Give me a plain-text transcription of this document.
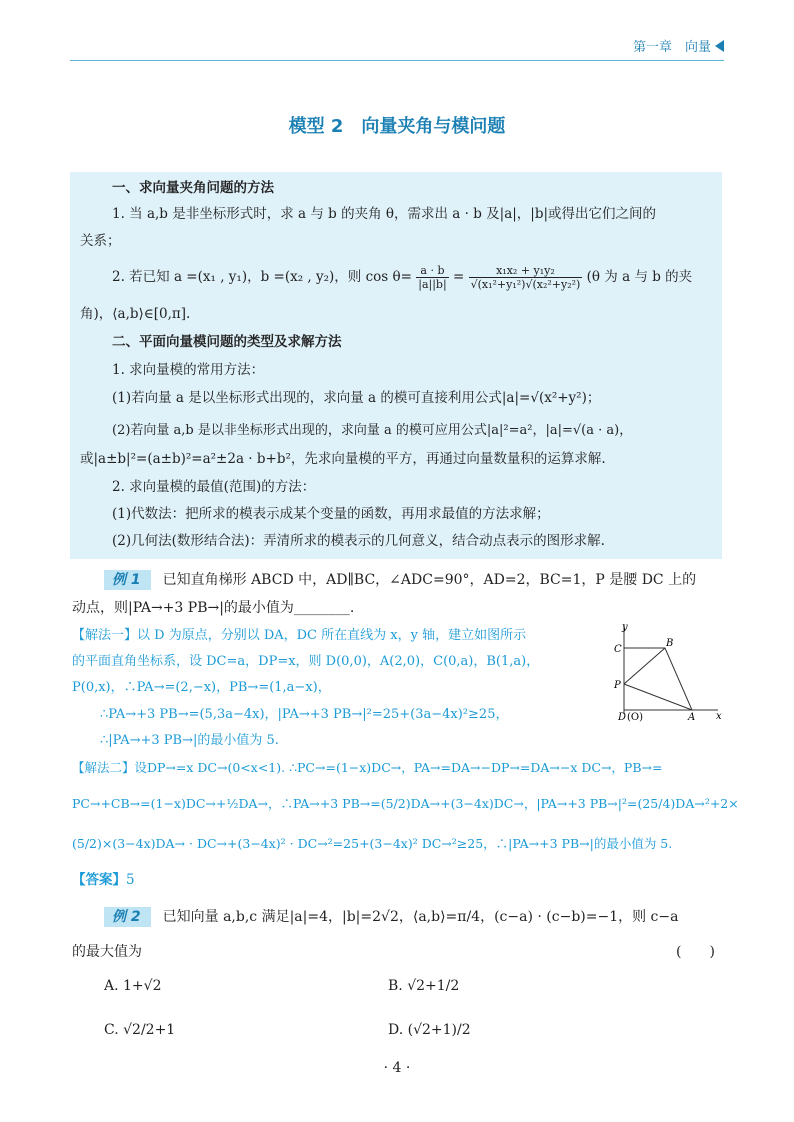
第一章　向量
模型 2　向量夹角与模问题
一、求向量夹角问题的方法
1. 当 a,b 是非坐标形式时，求 a 与 b 的夹角 θ，需求出 a · b 及|a|，|b|或得出它们之间的
关系；
2. 若已知 a =(x₁ , y₁)，b =(x₂ , y₂)，则 $\cos \theta= \frac{a \cdot b}{|a||b|} = \frac{\text{x₁x₂ + y₁y₂}}{\text{√(x₁²+y₁²)√(x₂²+y₂²)}} (\theta$ 为 a 与 b 的夹
角)，⟨a,b⟩∈[0,π].
二、平面向量模问题的类型及求解方法
1. 求向量模的常用方法：
(1)若向量 a 是以坐标形式出现的，求向量 a 的模可直接利用公式|a|=√(x²+y²)；
(2)若向量 a,b 是以非坐标形式出现的，求向量 a 的模可应用公式|a|²=a²，|a|=√(a · a)，
或|a±b|²=(a±b)²=a²±2a · b+b²，先求向量模的平方，再通过向量数量积的运算求解.
2. 求向量模的最值(范围)的方法：
(1)代数法：把所求的模表示成某个变量的函数，再用求最值的方法求解；
(2)几何法(数形结合法)：弄清所求的模表示的几何意义，结合动点表示的图形求解.
例 1 已知直角梯形 ABCD 中，AD∥BC，∠ADC=90°，AD=2，BC=1，P 是腰 DC 上的
动点，则|PA→+3 PB→|的最小值为________.
【解法一】以 D 为原点，分别以 DA，DC 所在直线为 x，y 轴，建立如图所示
的平面直角坐标系，设 DC=a，DP=x，则 D(0,0)，A(2,0)，C(0,a)，B(1,a)，
P(0,x)，∴PA→=(2,−x)，PB→=(1,a−x)，
∴PA→+3 PB→=(5,3a−4x)，|PA→+3 PB→|²=25+(3a−4x)²≥25，
∴|PA→+3 PB→|的最小值为 5.
y
x
C
B
P
D (O)	A
【解法二】设DP→=x DC→(0<x<1). ∴PC→=(1−x)DC→，PA→=DA→−DP→=DA→−x DC→，PB→=
PC→+CB→=(1−x)DC→+½DA→，∴PA→+3 PB→=(5/2)DA→+(3−4x)DC→，|PA→+3 PB→|²=(25/4)DA→²+2×
(5/2)×(3−4x)DA→ · DC→+(3−4x)² · DC→²=25+(3−4x)² DC→²≥25，∴|PA→+3 PB→|的最小值为 5.
【答案】5
例 2 已知向量 a,b,c 满足|a|=4，|b|=2√2，⟨a,b⟩=π/4，(c−a) · (c−b)=−1，则 c−a
的最大值为	(　　)
A. 1+√2	B. √2+1/2
C. √2/2+1	D. (√2+1)/2
· 4 ·
